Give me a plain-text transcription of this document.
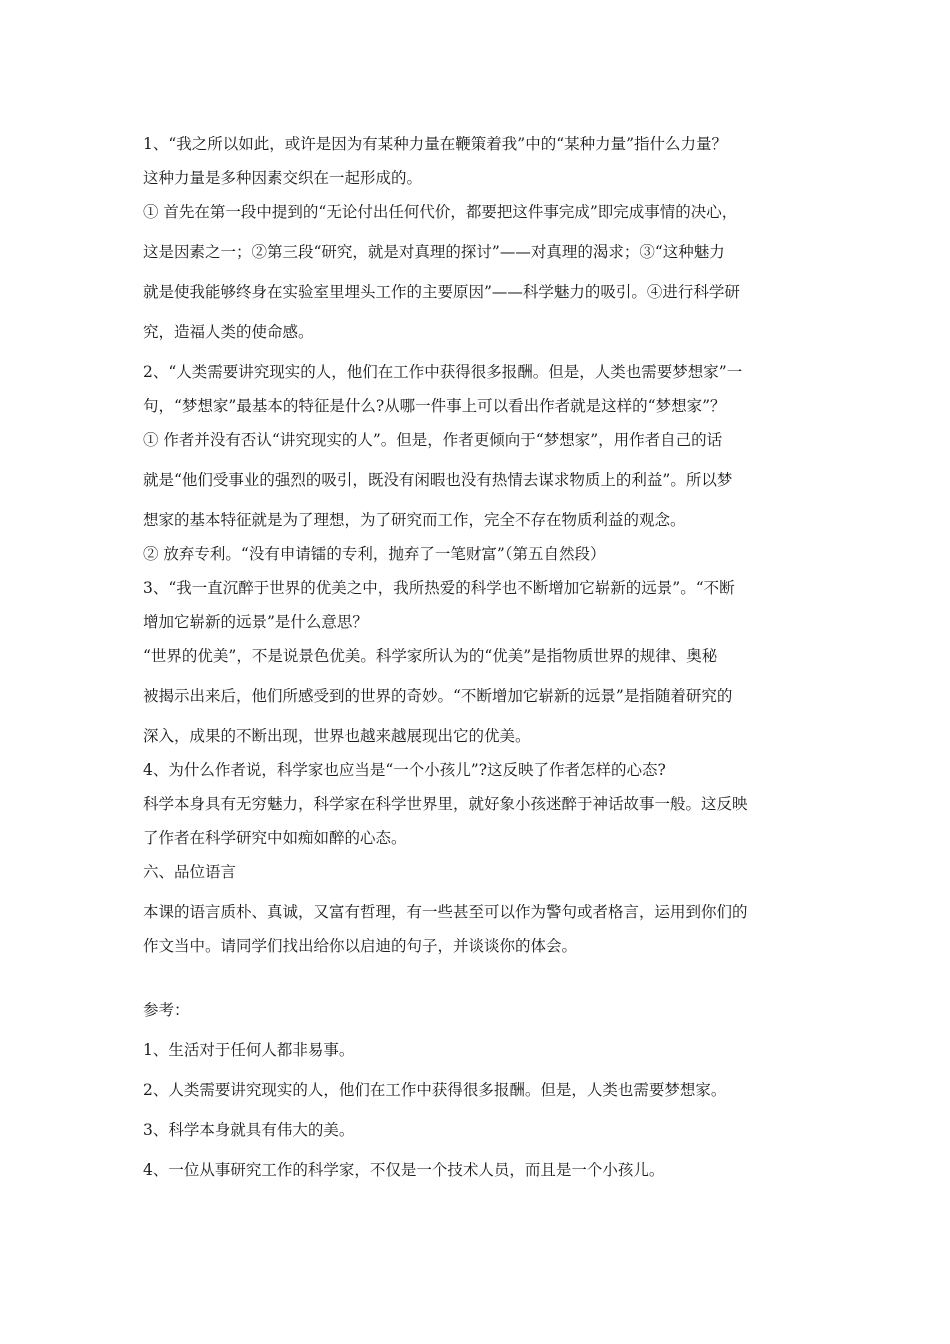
1、“我之所以如此，或许是因为有某种力量在鞭策着我”中的“某种力量”指什么力量？

这种力量是多种因素交织在一起形成的。

① 首先在第一段中提到的“无论付出任何代价，都要把这件事完成”即完成事情的决心，

这是因素之一；②第三段“研究，就是对真理的探讨”——对真理的渴求；③“这种魅力

就是使我能够终身在实验室里埋头工作的主要原因”——科学魅力的吸引。④进行科学研

究，造福人类的使命感。

2、“人类需要讲究现实的人，他们在工作中获得很多报酬。但是，人类也需要梦想家”一

句，“梦想家”最基本的特征是什么?从哪一件事上可以看出作者就是这样的“梦想家”？

① 作者并没有否认“讲究现实的人”。但是，作者更倾向于“梦想家”，用作者自己的话

就是“他们受事业的强烈的吸引，既没有闲暇也没有热情去谋求物质上的利益”。所以梦

想家的基本特征就是为了理想，为了研究而工作，完全不存在物质利益的观念。

② 放弃专利。“没有申请镭的专利，抛弃了一笔财富”（第五自然段）

3、“我一直沉醉于世界的优美之中，我所热爱的科学也不断增加它崭新的远景”。“不断

增加它崭新的远景”是什么意思？

“世界的优美”，不是说景色优美。科学家所认为的“优美”是指物质世界的规律、奥秘

被揭示出来后，他们所感受到的世界的奇妙。“不断增加它崭新的远景”是指随着研究的

深入，成果的不断出现，世界也越来越展现出它的优美。

4、为什么作者说，科学家也应当是“一个小孩儿”?这反映了作者怎样的心态?

科学本身具有无穷魅力，科学家在科学世界里，就好象小孩迷醉于神话故事一般。这反映

了作者在科学研究中如痴如醉的心态。

六、品位语言

本课的语言质朴、真诚，又富有哲理，有一些甚至可以作为警句或者格言，运用到你们的

作文当中。请同学们找出给你以启迪的句子，并谈谈你的体会。

参考：

1、生活对于任何人都非易事。

2、人类需要讲究现实的人，他们在工作中获得很多报酬。但是，人类也需要梦想家。

3、科学本身就具有伟大的美。

4、一位从事研究工作的科学家，不仅是一个技术人员，而且是一个小孩儿。
